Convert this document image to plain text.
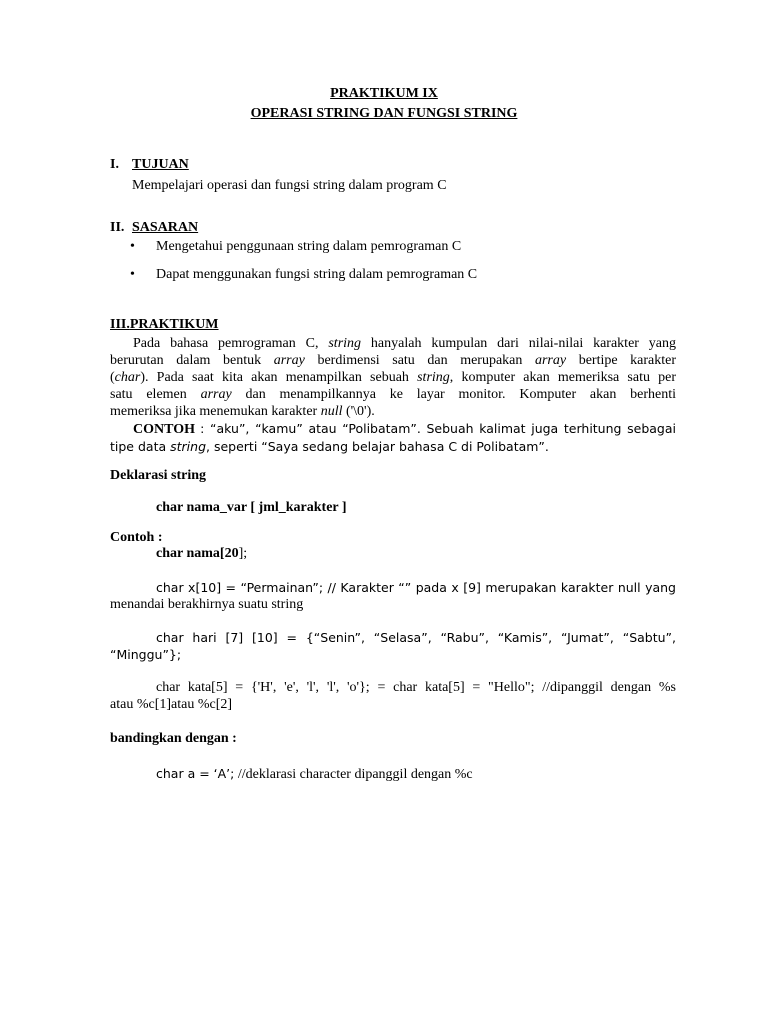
PRAKTIKUM IX
OPERASI STRING DAN FUNGSI STRING
I. TUJUAN
Mempelajari operasi dan fungsi string dalam program C
II. SASARAN
• Mengetahui penggunaan string dalam pemrograman C
• Dapat menggunakan fungsi string dalam pemrograman C
III.PRAKTIKUM
Pada bahasa pemrograman C, string hanyalah kumpulan dari nilai-nilai karakter yang
berurutan dalam bentuk array berdimensi satu dan merupakan array bertipe karakter
(char). Pada saat kita akan menampilkan sebuah string, komputer akan memeriksa satu per
satu elemen array dan menampilkannya ke layar monitor. Komputer akan berhenti
memeriksa jika menemukan karakter null ('\0').
CONTOH : “aku”, “kamu” atau “Polibatam”. Sebuah kalimat juga terhitung sebagai
tipe data string, seperti “Saya sedang belajar bahasa C di Polibatam”.
Deklarasi string
char nama_var [ jml_karakter ]
Contoh :
char nama[20];
char x[10] = “Permainan”; // Karakter “” pada x [9] merupakan karakter null yang
menandai berakhirnya suatu string
char hari [7] [10] = {“Senin”, “Selasa”, “Rabu”, “Kamis”, “Jumat”, “Sabtu”,
“Minggu”};
char kata[5] = {'H', 'e', 'l', 'l', 'o'}; = char kata[5] = "Hello"; //dipanggil dengan %s
atau %c[1]atau %c[2]
bandingkan dengan :
char a = ‘A’; //deklarasi character dipanggil dengan %c
